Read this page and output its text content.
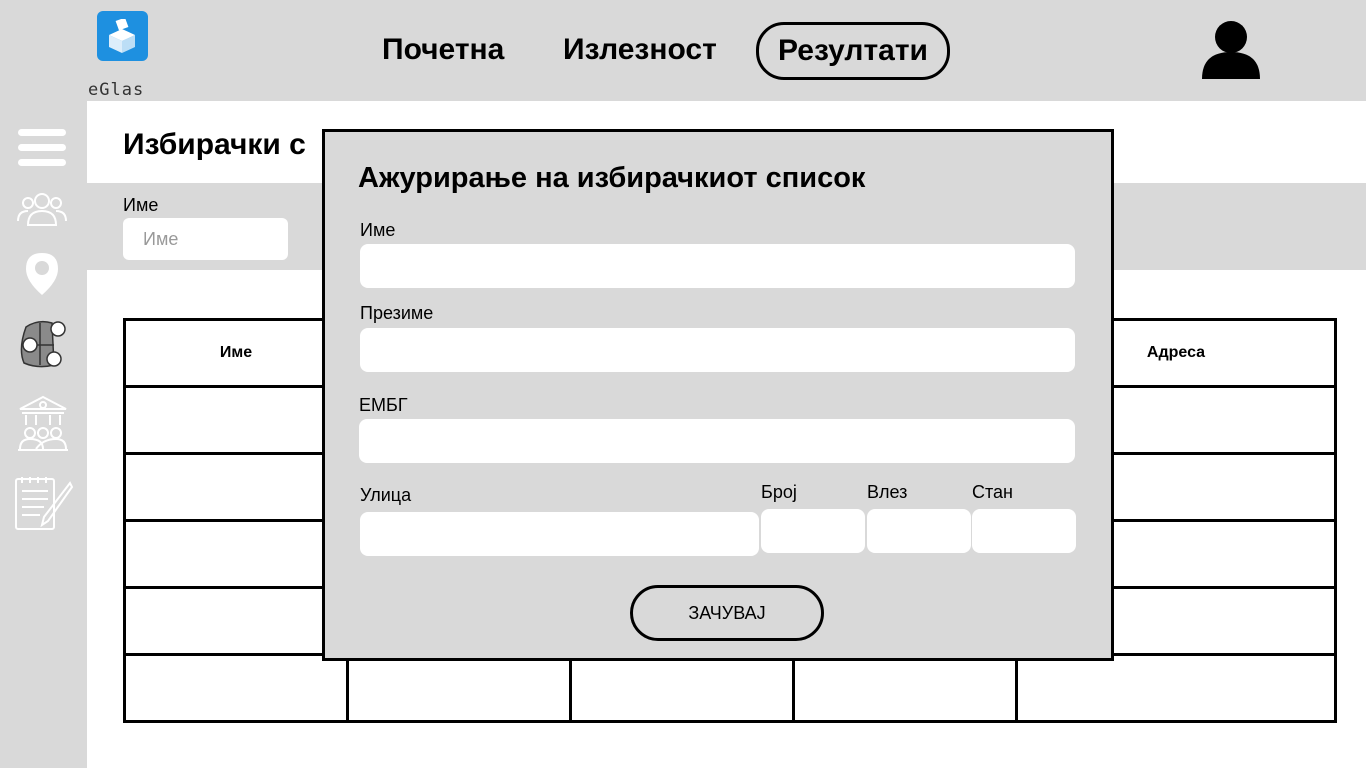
eGlas
Почетна Излезност	Резултати
Избирачки с
Име
Име
Име				Адреса

Ажурирање на избирачкиот список
Име
Презиме
ЕМБГ
Улица	Број	Влез	Стан
ЗАЧУВАЈ
